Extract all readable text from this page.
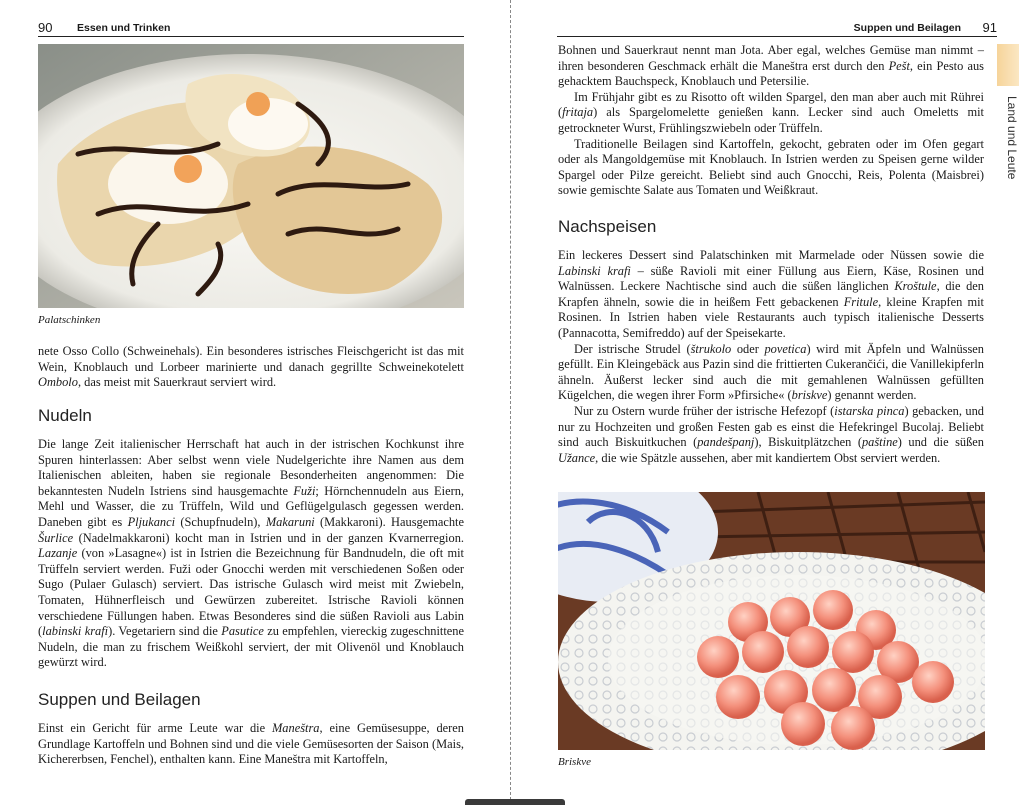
90 Essen und Trinken
Palatschinken

nete Osso Collo (Schweinehals). Ein besonderes istrisches Fleischgericht ist das mit Wein, Knoblauch und Lorbeer marinierte und danach gegrillte Schweinekotelett Ombolo, das meist mit Sauerkraut serviert wird.

Nudeln

Die lange Zeit italienischer Herrschaft hat auch in der istrischen Kochkunst ihre Spuren hinterlassen: Aber selbst wenn viele Nudelgerichte ihre Namen aus dem Italienischen ableiten, haben sie regionale Besonderheiten angenommen: Die bekanntesten Nudeln Istriens sind hausgemachte Fuži; Hörnchennudeln aus Eiern, Mehl und Wasser, die zu Trüffeln, Wild und Geflügelgulasch gegessen werden. Daneben gibt es Pljukanci (Schupfnudeln), Makaruni (Makkaroni). Hausgemachte Šurlice (Nadelmakkaroni) kocht man in Istrien und in der ganzen Kvarnerregion. Lazanje (von »Lasagne«) ist in Istrien die Bezeichnung für Bandnudeln, die oft mit Trüffeln serviert werden. Fuži oder Gnocchi werden mit verschiedenen Soßen oder Sugo (Pulaer Gulasch) serviert. Das istrische Gulasch wird meist mit Zwiebeln, Tomaten, Hühnerfleisch und Gewürzen zubereitet. Istrische Ravioli können verschiedene Füllungen haben. Etwas Besonderes sind die süßen Ravioli aus Labin (labinski krafi). Vegetariern sind die Pasutice zu empfehlen, viereckig zugeschnittene Nudeln, die man zu frischem Weißkohl serviert, der mit Olivenöl und Knoblauch gewürzt wird.

Suppen und Beilagen

Einst ein Gericht für arme Leute war die Maneštra, eine Gemüsesuppe, deren Grundlage Kartoffeln und Bohnen sind und die viele Gemüsesorten der Saison (Mais, Kichererbsen, Fenchel), enthalten kann. Eine Maneštra mit Kartoffeln,

Suppen und Beilagen 91
Land und Leute

Bohnen und Sauerkraut nennt man Jota. Aber egal, welches Gemüse man nimmt – ihren besonderen Geschmack erhält die Maneštra erst durch den Pešt, ein Pesto aus gehacktem Bauchspeck, Knoblauch und Petersilie.

Im Frühjahr gibt es zu Risotto oft wilden Spargel, den man aber auch mit Rührei (fritaja) als Spargelomelette genießen kann. Lecker sind auch Omeletts mit getrockneter Wurst, Frühlingszwiebeln oder Trüffeln.

Traditionelle Beilagen sind Kartoffeln, gekocht, gebraten oder im Ofen gegart oder als Mangoldgemüse mit Knoblauch. In Istrien werden zu Speisen gerne wilder Spargel oder Pilze gereicht. Beliebt sind auch Gnocchi, Reis, Polenta (Maisbrei) sowie gemischte Salate aus Tomaten und Weißkraut.

Nachspeisen

Ein leckeres Dessert sind Palatschinken mit Marmelade oder Nüssen sowie die Labinski krafi – süße Ravioli mit einer Füllung aus Eiern, Käse, Rosinen und Walnüssen. Leckere Nachtische sind auch die süßen länglichen Kroštule, die den Krapfen ähneln, sowie die in heißem Fett gebackenen Fritule, kleine Krapfen mit Rosinen. In Istrien haben viele Restaurants auch typisch italienische Desserts (Pannacotta, Semifreddo) auf der Speisekarte.

Der istrische Strudel (štrukolo oder povetica) wird mit Äpfeln und Walnüssen gefüllt. Ein Kleingebäck aus Pazin sind die frittierten Cukerančići, die Vanillekipferln ähneln. Äußerst lecker sind auch die mit gemahlenen Walnüssen gefüllten Kügelchen, die wegen ihrer Form »Pfirsiche« (briskve) genannt werden.

Nur zu Ostern wurde früher der istrische Hefezopf (istarska pinca) gebacken, und nur zu Hochzeiten und großen Festen gab es einst die Hefekringel Bucolaj. Beliebt sind auch Biskuitkuchen (pandešpanj), Biskuitplätzchen (paštine) und die süßen Užance, die wie Spätzle aussehen, aber mit kandiertem Obst serviert werden.

Briskve
